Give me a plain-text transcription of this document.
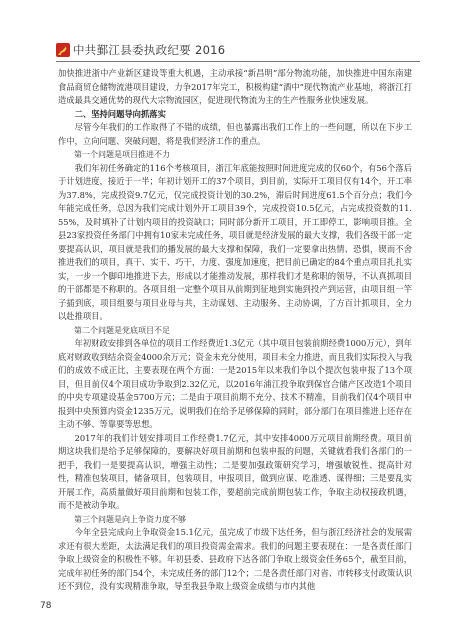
中共鄞江县委执政纪要 2016

加快推进浙中产业新区建设等重大机遇，主动承接“新昌明”部分物流功能，加快推进中国东南建食品商贸仓储物流港项目建设，力争2017年完工，积极构建“酒中”现代物流产业基地，将浙江打造成最具交通优势的现代大宗物流园区，促进现代物流为主的生产性服务业快速发展。

二、坚持问题导向抓落实

尽管今年我们的工作取得了不错的成绩，但也暴露出我们工作上的一些问题，所以在下步工作中，立向问题、突破问题，将是我们经济工作的重点。

第一个问题是项目推进不力

我们年初任务确定的116个考核项目，浙江年底能按照时间进度完成的仅60个，有56个落后于计划进度，接近于一半；年初计划开工的37个项目，到目前，实际开工项目仅有14个，开工率为37.8%，完成投资9.7亿元，仅完成投资计划的30.2%，滞后时间进度61.5个百分点；我们今年能完成任务，总因为我们完成计划外开工项目39个，完成投资10.5亿元，占完成投资数的11.55%，及时填补了计划内项目的投资缺口；同时部分新开工项目，开工即停工，影响项目推。全县23家投资任务部门中拥有10家未完成任务，项目就是经济发展的最大支撑，我们各级干部一定要提高认识，项目就是我们的播发展的最大支撑和保障，我们一定要拿出热情、恐惧，锲而不舍推进我们的项目，真干、实干、巧干，力度、强度加速度，把目前已确定的84个重点项目扎扎实实，一步一个脚印地推进下去，形成以才能推动发展，那样我们才是称职的领导，不认真抓项目的干部都是不称职的。各项目组一定整个项目从前期到征地到实施到投产到运营，由项目组一竿子插到底，项目组要与项目业母与共，主动谋划、主动服务、主动协调，了方百计抓项目，全力以赴推项目。

第二个问题是党底项目不足

年初财政安排到各单位的项目工作经费近1.3亿元（其中项目包装前期经费1000万元），到年底对财政收到结余资金4000余万元；资金未充分使用，项目未全力推进，而且我们实际投入与我们的成效不成正比，主要表现在两个方面：一是2015年以来我们争以个提次包装申报了13个项目，但目前仅4个项目成功争取到2.32亿元，以2016年浦江投争取到保官合储产区改造1个项目的中央专项建设基金5700万元；二是由于项目前期不充分、技术不精准，目前我们仅4个项目申报到中央预算内资金1235万元，说明我们在给予足够保障的同时，部分部门在项目推进上还存在主动不够、等靠要等思想。

2017年的我们计划安排项目工作经费1.7亿元，其中安排4000万元项目前期经费。项目前期这块我们是给予足够保障的，要解决好项目前期和包装申报的问题，关键就看我们各部门的一把手，我们一是要提高认识，增强主动性；二是要加强政策研究学习，增强敏锐性、提高针对性，精准包装项目，储备项目，包装项目，申报项目，做到应谋、吃准透、谋得细；三是要乱实开展工作，高质量做好项目前期和包装工作，要超前完成前期包装工作，争取主动权接政机遇，而不是被动争取。

第三个问题是向上争资力度不够

今年全县完成向上争取资金15.1亿元，虽完成了市级下达任务，但与浙江经济社会的发展需求还有很大差距，太法满足我们的项目投资需金需求。我们的问题主要表现在：一是各责任部门争取上级资金的积极性不够。年初县委、县政府下达各部门争取上级资金任务65个，截至目前，完成年初任务的部门54个，未完成任务的部门12个；二是各责任部门对省、市转移支付政策认识还不到位，没有实现精准争取，导至我县争取上级资金成绩与市内其他

78
